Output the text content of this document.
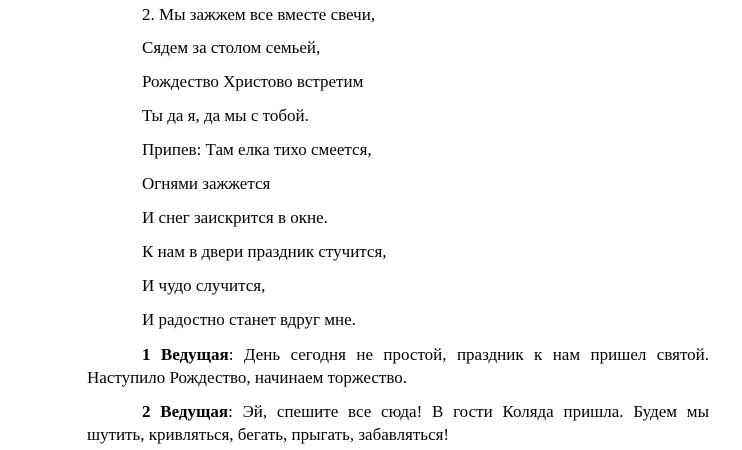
2. Мы зажжем все вместе свечи,
Сядем за столом семьей,
Рождество Христово встретим
Ты да я, да мы с тобой.
Припев: Там елка тихо смеется,
Огнями зажжется
И снег заискрится в окне.
К нам в двери праздник стучится,
И чудо случится,
И радостно станет вдруг мне.
1 Ведущая: День сегодня не простой, праздник к нам пришел святой. Наступило Рождество, начинаем торжество.
2 Ведущая: Эй, спешите все сюда! В гости Коляда пришла. Будем мы шутить, кривляться, бегать, прыгать, забавляться!
